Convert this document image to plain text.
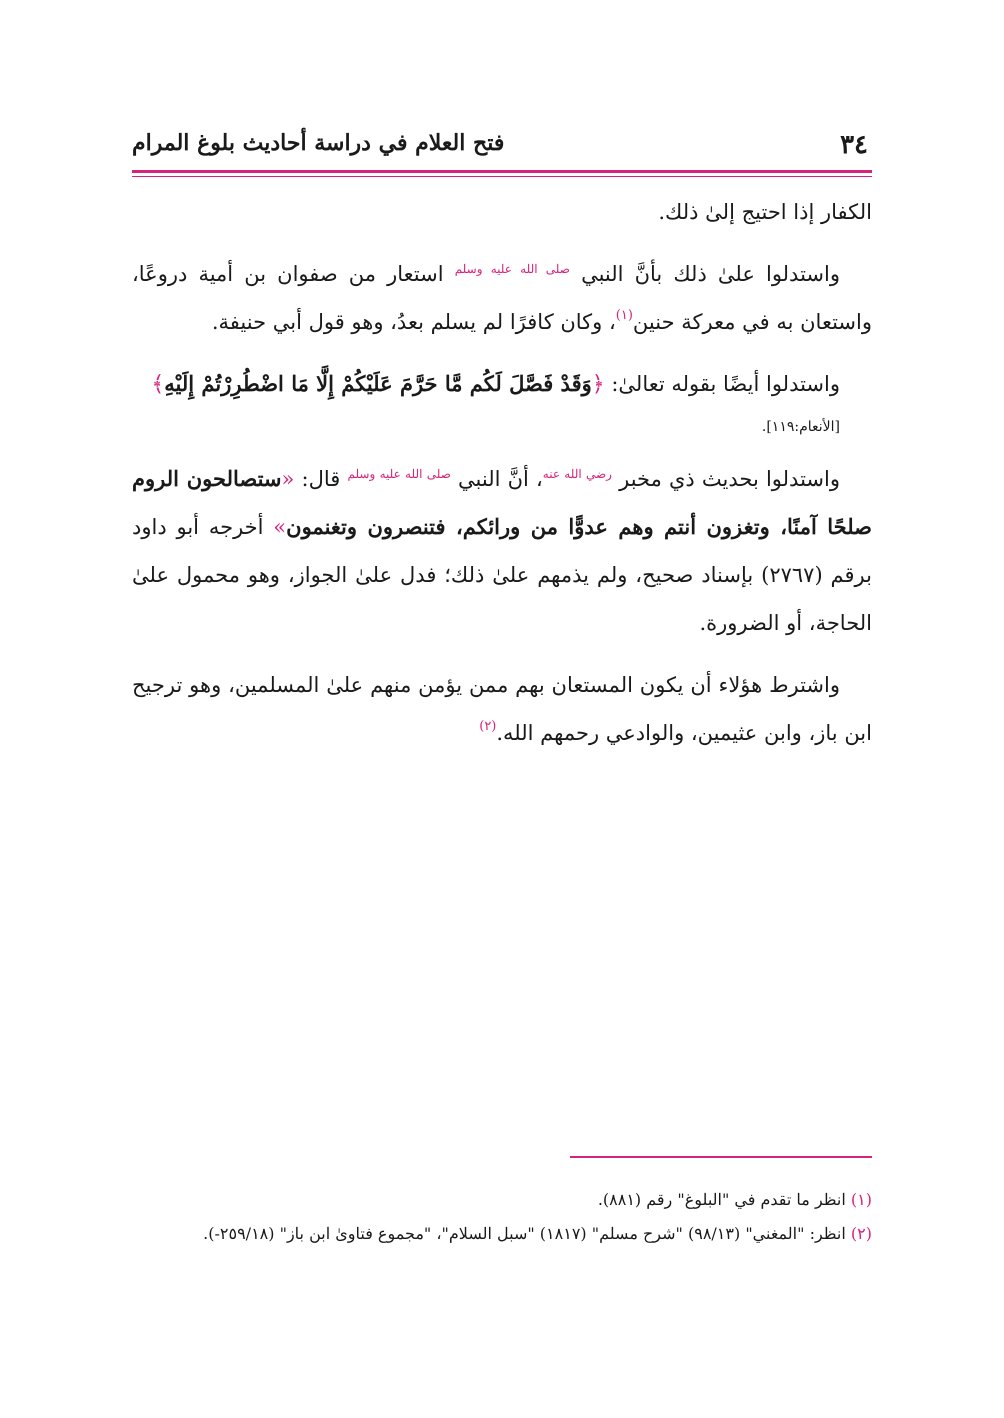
٣٤
فتح العلام في دراسة أحاديث بلوغ المرام

الكفار إذا احتيج إلىٰ ذلك.

واستدلوا علىٰ ذلك بأنَّ النبي $^{صلى الله عليه وسلم}$ استعار من صفوان بن أمية دروعًا، واستعان به في معركة حنين$^{(١)}$، وكان كافرًا لم يسلم بعدُ، وهو قول أبي حنيفة.

واستدلوا أيضًا بقوله تعالىٰ: ﴿وَقَدْ فَصَّلَ لَكُم مَّا حَرَّمَ عَلَيْكُمْ إِلَّا مَا اضْطُرِرْتُمْ إِلَيْهِ﴾
[الأنعام:١١٩].

واستدلوا بحديث ذي مخبر $^{رضي الله عنه}$، أنَّ النبي $^{صلى الله عليه وسلم}$ قال: «ستصالحون الروم صلحًا آمنًا، وتغزون أنتم وهم عدوًّا من ورائكم، فتنصرون وتغنمون» أخرجه أبو داود برقم (٢٧٦٧) بإسناد صحيح، ولم يذمهم علىٰ ذلك؛ فدل علىٰ الجواز، وهو محمول علىٰ الحاجة، أو الضرورة.

واشترط هؤلاء أن يكون المستعان بهم ممن يؤمن منهم علىٰ المسلمين، وهو ترجيح ابن باز، وابن عثيمين، والوادعي رحمهم الله.$^{(٢)}$

(١) انظر ما تقدم في "البلوغ" رقم (٨٨١).

(٢) انظر: "المغني" (٩٨/١٣) "شرح مسلم" (١٨١٧) "سبل السلام"، "مجموع فتاوىٰ ابن باز" (٢٥٩/١٨-).
